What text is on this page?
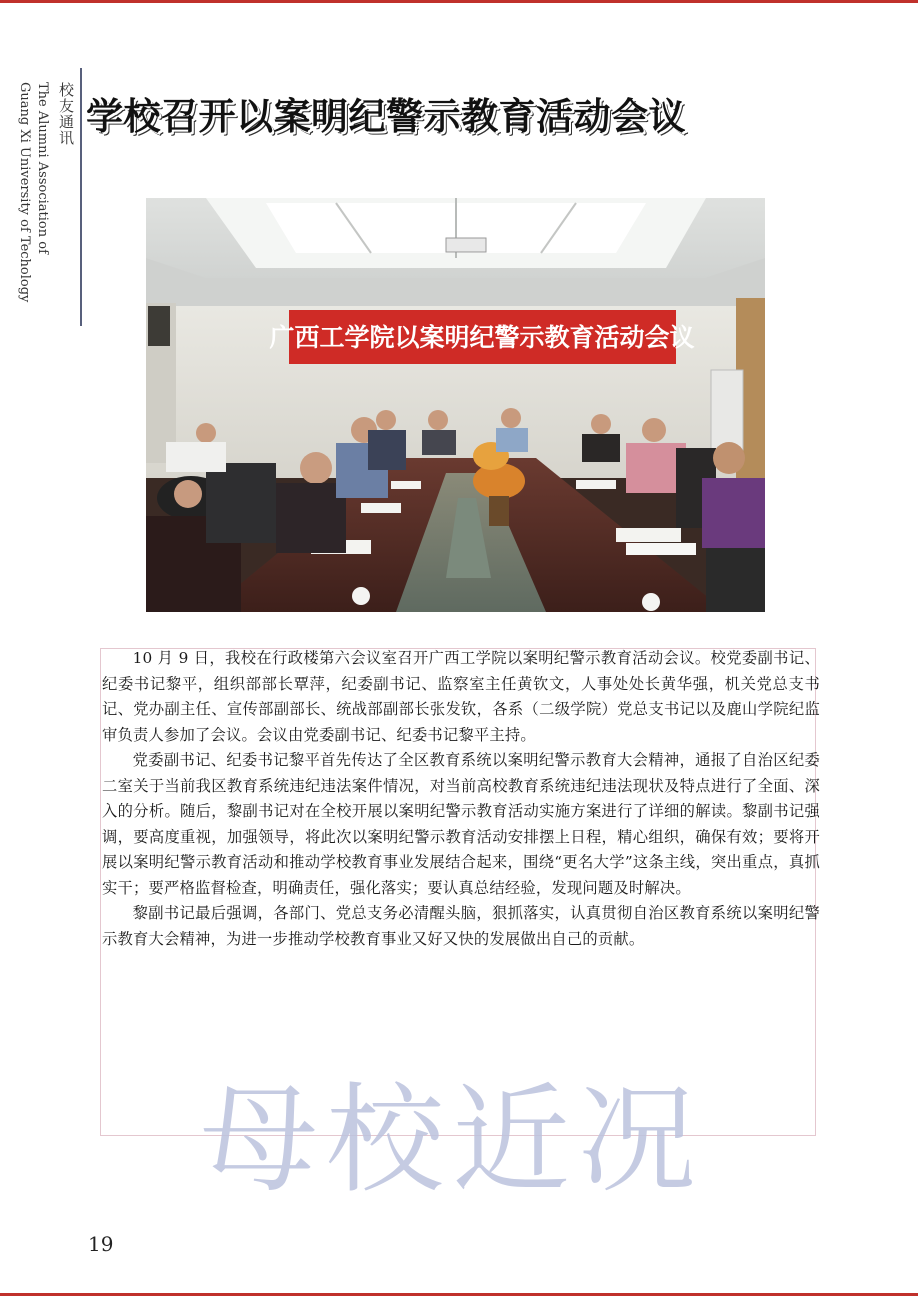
校友通讯
The Alumni Association of
Guang Xi University of Techology 学校召开以案明纪警示教育活动会议
广西工学院以案明纪警示教育活动会议

10 月 9 日，我校在行政楼第六会议室召开广西工学院以案明纪警示教育活动会议。校党委副书记、纪委书记黎平，组织部部长覃萍，纪委副书记、监察室主任黄钦文，人事处处长黄华强，机关党总支书记、党办副主任、宣传部副部长、统战部副部长张发钦，各系（二级学院）党总支书记以及鹿山学院纪监审负责人参加了会议。会议由党委副书记、纪委书记黎平主持。

党委副书记、纪委书记黎平首先传达了全区教育系统以案明纪警示教育大会精神，通报了自治区纪委二室关于当前我区教育系统违纪违法案件情况，对当前高校教育系统违纪违法现状及特点进行了全面、深入的分析。随后，黎副书记对在全校开展以案明纪警示教育活动实施方案进行了详细的解读。黎副书记强调，要高度重视，加强领导，将此次以案明纪警示教育活动安排摆上日程，精心组织，确保有效；要将开展以案明纪警示教育活动和推动学校教育事业发展结合起来，围绕“更名大学”这条主线，突出重点，真抓实干；要严格监督检查，明确责任，强化落实；要认真总结经验，发现问题及时解决。

黎副书记最后强调，各部门、党总支务必清醒头脑，狠抓落实，认真贯彻自治区教育系统以案明纪警示教育大会精神，为进一步推动学校教育事业又好又快的发展做出自己的贡献。

母校近况
19
